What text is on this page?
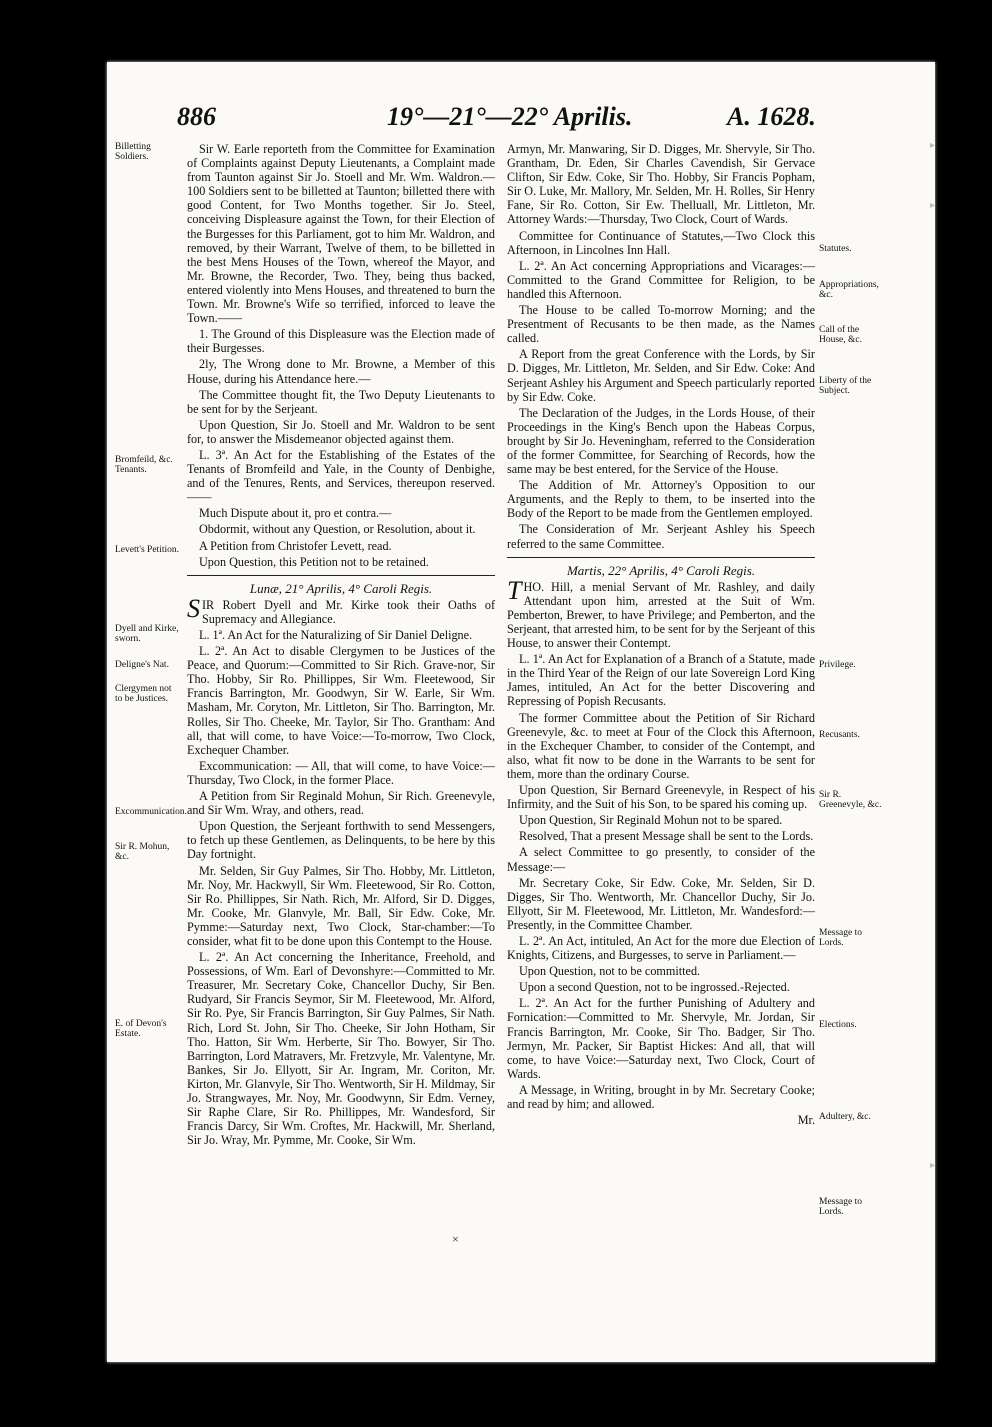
886	19°—21°—22° Aprilis.	A. 1628.
Billetting Soldiers.
Bromfeild, &c. Tenants.
Levett's Petition.
Dyell and Kirke, sworn.
Deligne's Nat.
Clergymen not to be Justices.
Excommunication.
Sir R. Mohun, &c.
E. of Devon's Estate.
Statutes.
Appropriations, &c.
Call of the House, &c.
Liberty of the Subject.
Privilege.
Recusants.
Sir R. Greenevyle, &c.
Message to Lords.
Elections.
Adultery, &c.
Message to Lords.

Sir W. Earle reporteth from the Committee for Examination of Complaints against Deputy Lieutenants, a Complaint made from Taunton against Sir Jo. Stoell and Mr. Wm. Waldron.—100 Soldiers sent to be billetted at Taunton; billetted there with good Content, for Two Months together. Sir Jo. Steel, conceiving Displeasure against the Town, for their Election of the Burgesses for this Parliament, got to him Mr. Waldron, and removed, by their Warrant, Twelve of them, to be billetted in the best Mens Houses of the Town, whereof the Mayor, and Mr. Browne, the Recorder, Two. They, being thus backed, entered violently into Mens Houses, and threatened to burn the Town. Mr. Browne's Wife so terrified, inforced to leave the Town.——

1. The Ground of this Displeasure was the Election made of their Burgesses.

2ly, The Wrong done to Mr. Browne, a Member of this House, during his Attendance here.—

The Committee thought fit, the Two Deputy Lieutenants to be sent for by the Serjeant.

Upon Question, Sir Jo. Stoell and Mr. Waldron to be sent for, to answer the Misdemeanor objected against them.

L. 3ª. An Act for the Establishing of the Estates of the Tenants of Bromfeild and Yale, in the County of Denbighe, and of the Tenures, Rents, and Services, thereupon reserved.——

Much Dispute about it, pro et contra.—

Obdormit, without any Question, or Resolution, about it.

A Petition from Christofer Levett, read.

Upon Question, this Petition not to be retained.

Lunæ, 21° Aprilis, 4° Caroli Regis.

SIR Robert Dyell and Mr. Kirke took their Oaths of Supremacy and Allegiance.

L. 1ª. An Act for the Naturalizing of Sir Daniel Deligne.

L. 2ª. An Act to disable Clergymen to be Justices of the Peace, and Quorum:—Committed to Sir Rich. Grave-nor, Sir Tho. Hobby, Sir Ro. Phillippes, Sir Wm. Fleetewood, Sir Francis Barrington, Mr. Goodwyn, Sir W. Earle, Sir Wm. Masham, Mr. Coryton, Mr. Littleton, Sir Tho. Barrington, Mr. Rolles, Sir Tho. Cheeke, Mr. Taylor, Sir Tho. Grantham: And all, that will come, to have Voice:—To-morrow, Two Clock, Exchequer Chamber.

Excommunication: — All, that will come, to have Voice:—Thursday, Two Clock, in the former Place.

A Petition from Sir Reginald Mohun, Sir Rich. Greenevyle, and Sir Wm. Wray, and others, read.

Upon Question, the Serjeant forthwith to send Messengers, to fetch up these Gentlemen, as Delinquents, to be here by this Day fortnight.

Mr. Selden, Sir Guy Palmes, Sir Tho. Hobby, Mr. Littleton, Mr. Noy, Mr. Hackwyll, Sir Wm. Fleetewood, Sir Ro. Cotton, Sir Ro. Phillippes, Sir Nath. Rich, Mr. Alford, Sir D. Digges, Mr. Cooke, Mr. Glanvyle, Mr. Ball, Sir Edw. Coke, Mr. Pymme:—Saturday next, Two Clock, Star-chamber:—To consider, what fit to be done upon this Contempt to the House.

L. 2ª. An Act concerning the Inheritance, Freehold, and Possessions, of Wm. Earl of Devonshyre:—Committed to Mr. Treasurer, Mr. Secretary Coke, Chancellor Duchy, Sir Ben. Rudyard, Sir Francis Seymor, Sir M. Fleetewood, Mr. Alford, Sir Ro. Pye, Sir Francis Barrington, Sir Guy Palmes, Sir Nath. Rich, Lord St. John, Sir Tho. Cheeke, Sir John Hotham, Sir Tho. Hatton, Sir Wm. Herberte, Sir Tho. Bowyer, Sir Tho. Barrington, Lord Matravers, Mr. Fretzvyle, Mr. Valentyne, Mr. Bankes, Sir Jo. Ellyott, Sir Ar. Ingram, Mr. Coriton, Mr. Kirton, Mr. Glanvyle, Sir Tho. Wentworth, Sir H. Mildmay, Sir Jo. Strangwayes, Mr. Noy, Mr. Goodwynn, Sir Edm. Verney, Sir Raphe Clare, Sir Ro. Phillippes, Mr. Wandesford, Sir Francis Darcy, Sir Wm. Croftes, Mr. Hackwill, Mr. Sherland, Sir Jo. Wray, Mr. Pymme, Mr. Cooke, Sir Wm.

Armyn, Mr. Manwaring, Sir D. Digges, Mr. Shervyle, Sir Tho. Grantham, Dr. Eden, Sir Charles Cavendish, Sir Gervace Clifton, Sir Edw. Coke, Sir Tho. Hobby, Sir Francis Popham, Sir O. Luke, Mr. Mallory, Mr. Selden, Mr. H. Rolles, Sir Henry Fane, Sir Ro. Cotton, Sir Ew. Thelluall, Mr. Littleton, Mr. Attorney Wards:—Thursday, Two Clock, Court of Wards.

Committee for Continuance of Statutes,—Two Clock this Afternoon, in Lincolnes Inn Hall.

L. 2ª. An Act concerning Appropriations and Vicarages:—Committed to the Grand Committee for Religion, to be handled this Afternoon.

The House to be called To-morrow Morning; and the Presentment of Recusants to be then made, as the Names called.

A Report from the great Conference with the Lords, by Sir D. Digges, Mr. Littleton, Mr. Selden, and Sir Edw. Coke: And Serjeant Ashley his Argument and Speech particularly reported by Sir Edw. Coke.

The Declaration of the Judges, in the Lords House, of their Proceedings in the King's Bench upon the Habeas Corpus, brought by Sir Jo. Heveningham, referred to the Consideration of the former Committee, for Searching of Records, how the same may be best entered, for the Service of the House.

The Addition of Mr. Attorney's Opposition to our Arguments, and the Reply to them, to be inserted into the Body of the Report to be made from the Gentlemen employed.

The Consideration of Mr. Serjeant Ashley his Speech referred to the same Committee.

Martis, 22° Aprilis, 4° Caroli Regis.

THO. Hill, a menial Servant of Mr. Rashley, and daily Attendant upon him, arrested at the Suit of Wm. Pemberton, Brewer, to have Privilege; and Pemberton, and the Serjeant, that arrested him, to be sent for by the Serjeant of this House, to answer their Contempt.

L. 1ª. An Act for Explanation of a Branch of a Statute, made in the Third Year of the Reign of our late Sovereign Lord King James, intituled, An Act for the better Discovering and Repressing of Popish Recusants.

The former Committee about the Petition of Sir Richard Greenevyle, &c. to meet at Four of the Clock this Afternoon, in the Exchequer Chamber, to consider of the Contempt, and also, what fit now to be done in the Warrants to be sent for them, more than the ordinary Course.

Upon Question, Sir Bernard Greenevyle, in Respect of his Infirmity, and the Suit of his Son, to be spared his coming up.

Upon Question, Sir Reginald Mohun not to be spared.

Resolved, That a present Message shall be sent to the Lords.

A select Committee to go presently, to consider of the Message:—

Mr. Secretary Coke, Sir Edw. Coke, Mr. Selden, Sir D. Digges, Sir Tho. Wentworth, Mr. Chancellor Duchy, Sir Jo. Ellyott, Sir M. Fleetewood, Mr. Littleton, Mr. Wandesford:—Presently, in the Committee Chamber.

L. 2ª. An Act, intituled, An Act for the more due Election of Knights, Citizens, and Burgesses, to serve in Parliament.—

Upon Question, not to be committed.

Upon a second Question, not to be ingrossed.-Rejected.

L. 2ª. An Act for the further Punishing of Adultery and Fornication:—Committed to Mr. Shervyle, Mr. Jordan, Sir Francis Barrington, Mr. Cooke, Sir Tho. Badger, Sir Tho. Jermyn, Mr. Packer, Sir Baptist Hickes: And all, that will come, to have Voice:—Saturday next, Two Clock, Court of Wards.

A Message, in Writing, brought in by Mr. Secretary Cooke; and read by him; and allowed.

Mr.

×
▸
▸
▸
